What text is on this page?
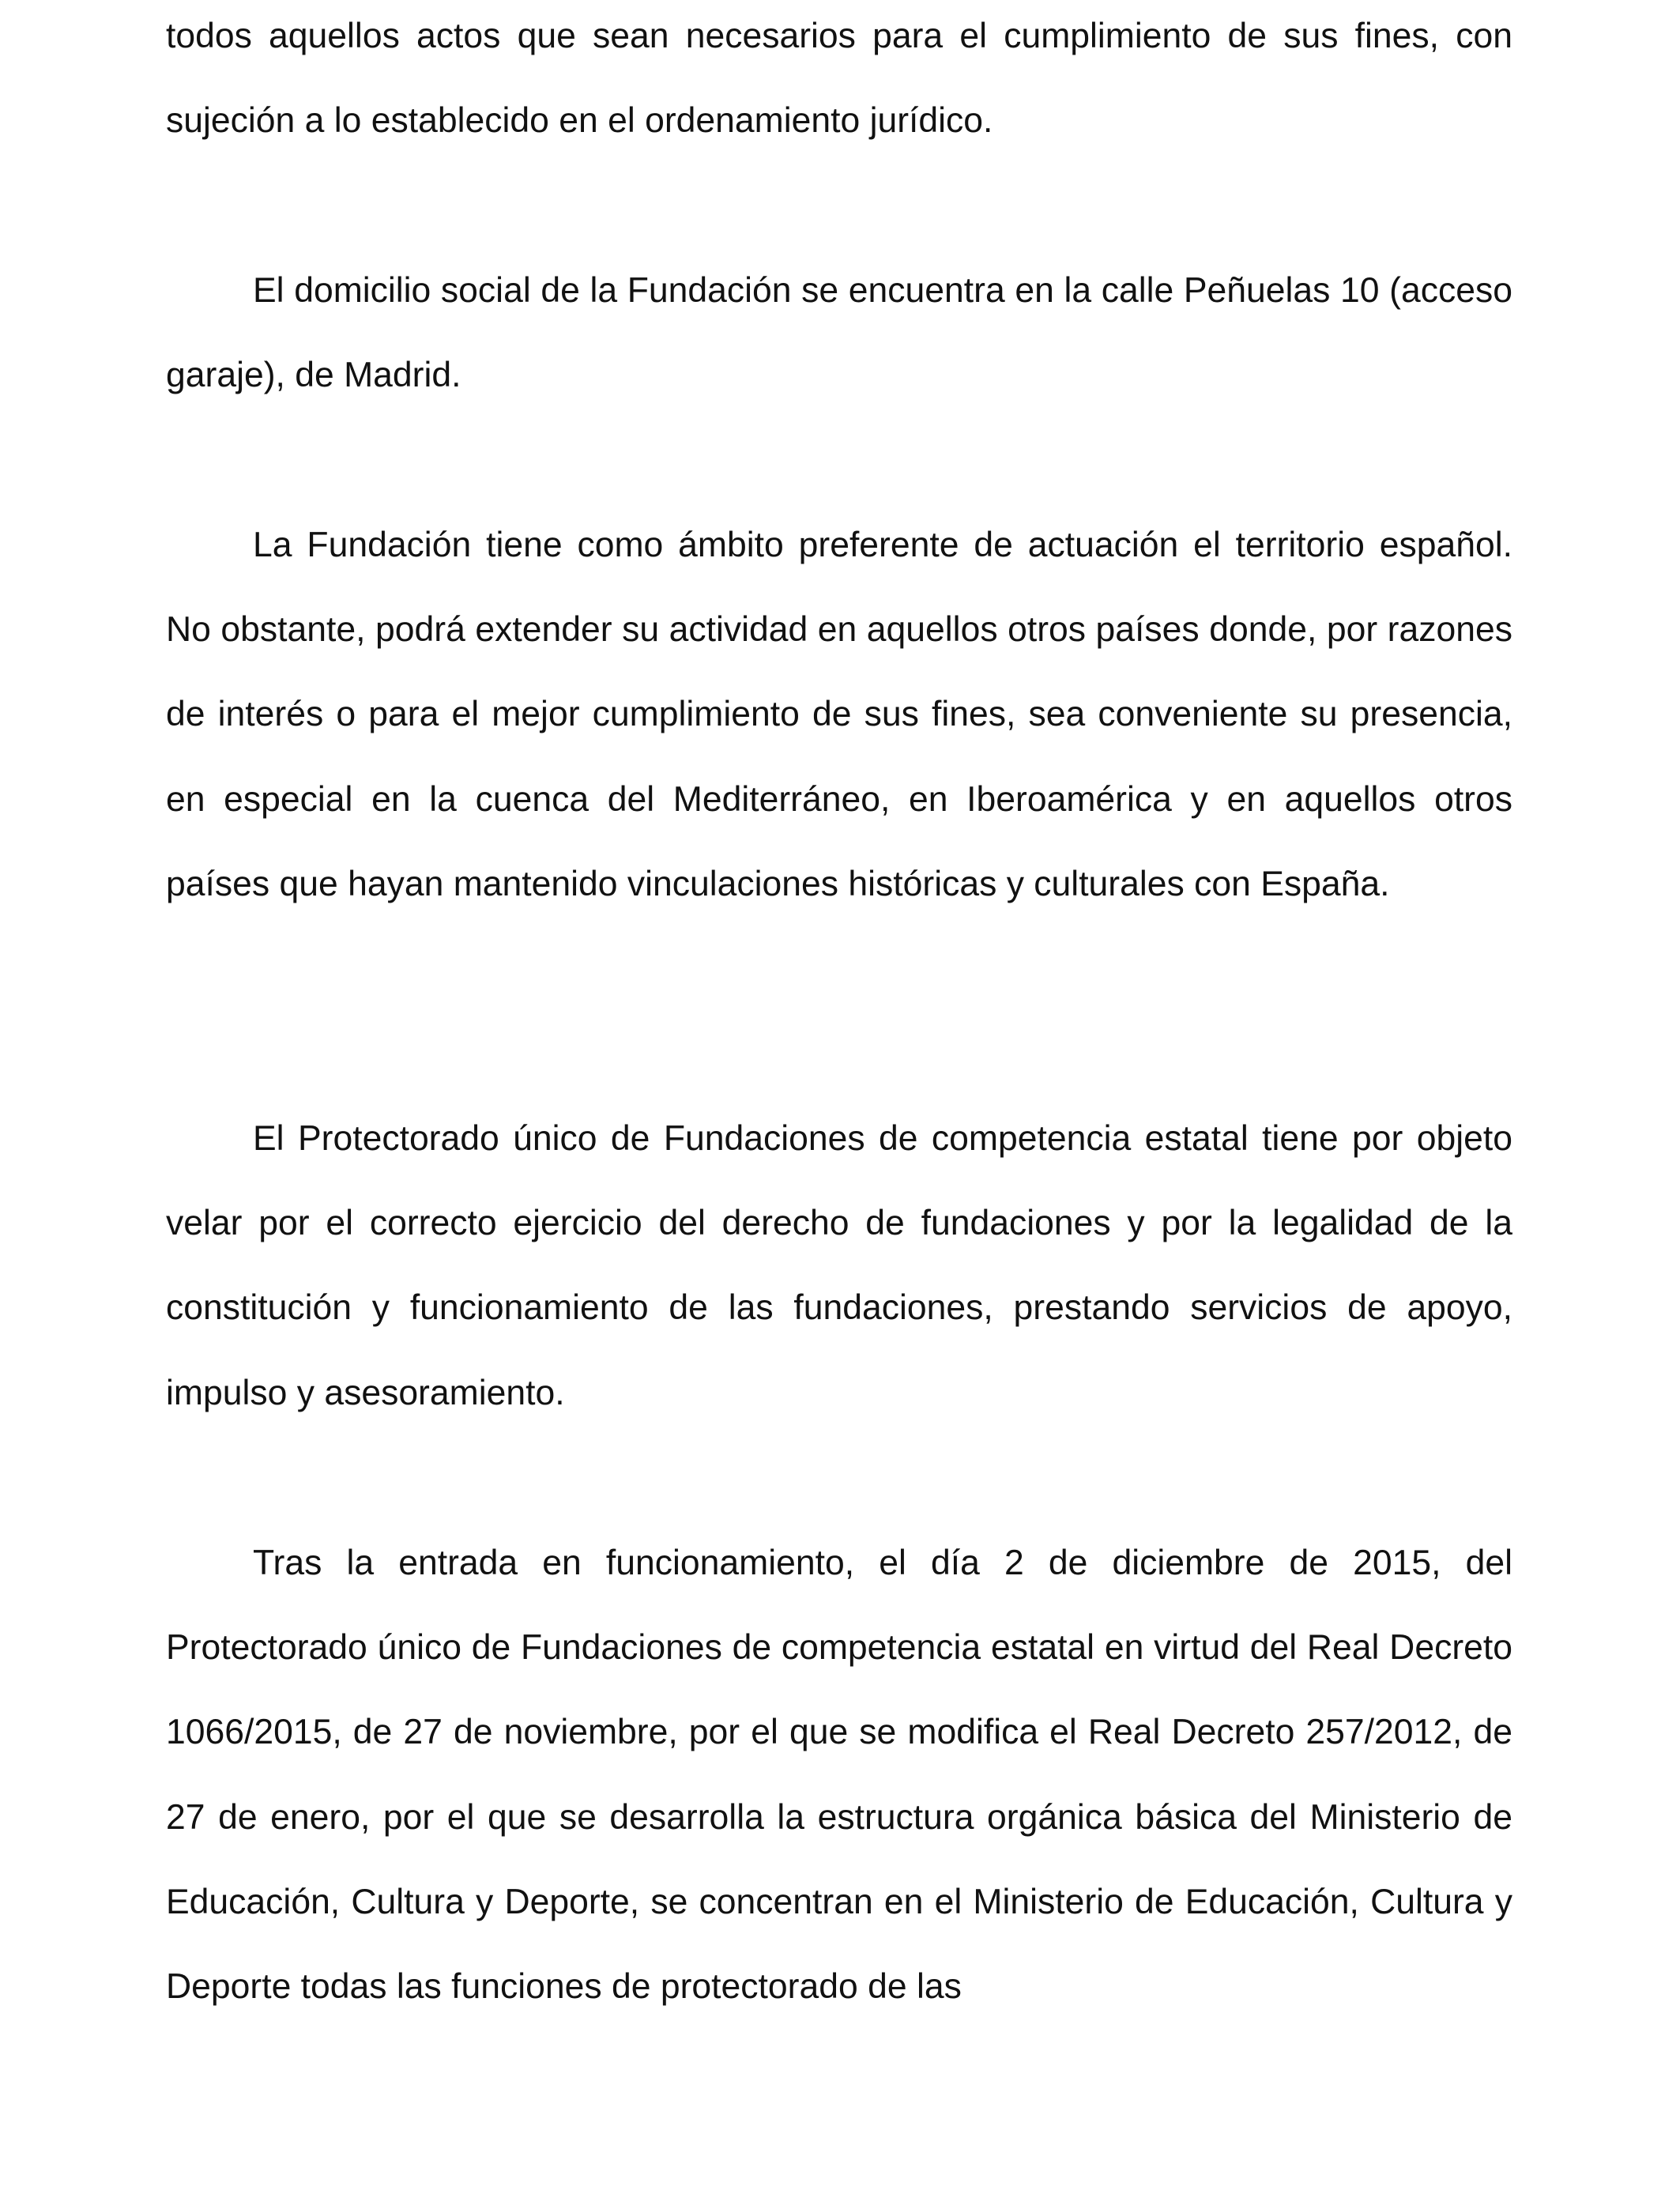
todos aquellos actos que sean necesarios para el cumplimiento de sus fines, con sujeción a lo establecido en el ordenamiento jurídico.

El domicilio social de la Fundación se encuentra en la calle Peñuelas 10 (acceso garaje), de Madrid.

La Fundación tiene como ámbito preferente de actuación el territorio español. No obstante, podrá extender su actividad en aquellos otros países donde, por razones de interés o para el mejor cumplimiento de sus fines, sea conveniente su presencia, en especial en la cuenca del Mediterráneo, en Iberoamérica y en aquellos otros países que hayan mantenido vinculaciones históricas y culturales con España.

El Protectorado único de Fundaciones de competencia estatal tiene por objeto velar por el correcto ejercicio del derecho de fundaciones y por la legalidad de la constitución y funcionamiento de las fundaciones, prestando servicios de apoyo, impulso y asesoramiento.

Tras la entrada en funcionamiento, el día 2 de diciembre de 2015, del Protectorado único de Fundaciones de competencia estatal en virtud del Real Decreto 1066/2015, de 27 de noviembre, por el que se modifica el Real Decreto 257/2012, de 27 de enero, por el que se desarrolla la estructura orgánica básica del Ministerio de Educación, Cultura y Deporte, se concentran en el Ministerio de Educación, Cultura y Deporte todas las funciones de protectorado de las
